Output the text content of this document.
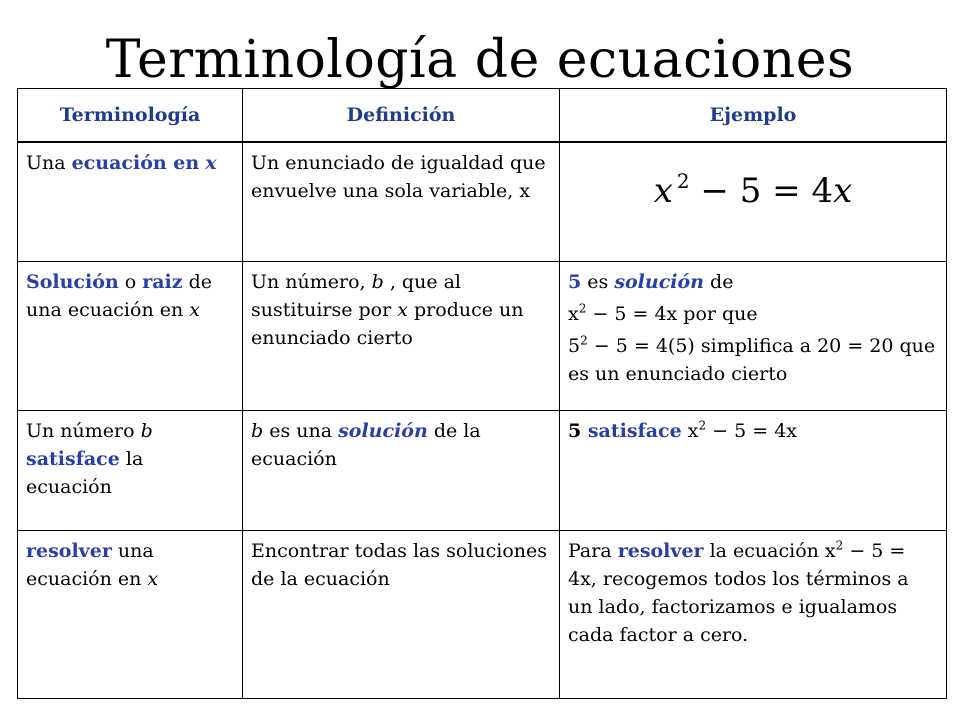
Terminología de ecuaciones
Terminología	Definición	Ejemplo
Una ecuación en x	Un enunciado de igualdad que envuelve una sola variable, x	x $^2$ − 5 = 4x

Solución o raiz de una ecuación en x	Un número, b , que al sustituirse por x produce un enunciado cierto	5 es solución de
$x^2 - 5 = 4x$ por que
$5^2 - 5 = 4(5)$ simplifica a 20 = 20 que es un enunciado cierto

Un número b satisface la ecuación	b es una solución de la ecuación	5 satisface $x^2 - 5 = 4x$
resolver una ecuación en x	Encontrar todas las soluciones de la ecuación	Para resolver la ecuación $x^2 - 5 = 4x$, recogemos todos los términos a un lado, factorizamos e igualamos cada factor a cero.
